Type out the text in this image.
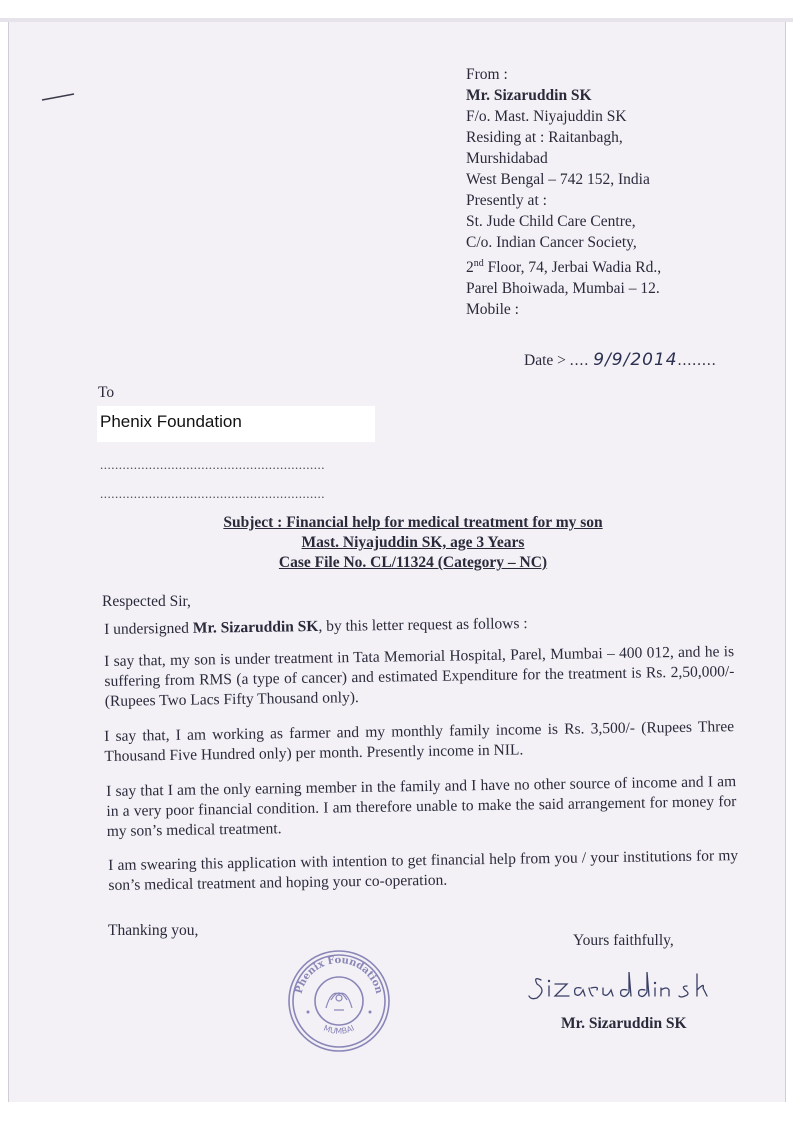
From :
Mr. Sizaruddin SK
F/o. Mast. Niyajuddin SK
Residing at : Raitanbagh,
Murshidabad
West Bengal – 742 152, India
Presently at :
St. Jude Child Care Centre,
C/o. Indian Cancer Society,
2nd Floor, 74, Jerbai Wadia Rd.,
Parel Bhoiwada, Mumbai – 12.
Mobile :
Date > .... 9/9/2014........
To
Phenix Foundation
............................................................
............................................................
Subject : Financial help for medical treatment for my son
Mast. Niyajuddin SK, age 3 Years
Case File No. CL/11324 (Category – NC)
Respected Sir,
I undersigned Mr. Sizaruddin SK, by this letter request as follows :
I say that, my son is under treatment in Tata Memorial Hospital, Parel, Mumbai – 400 012, and he is suffering from RMS (a type of cancer) and estimated Expenditure for the treatment is Rs. 2,50,000/- (Rupees Two Lacs Fifty Thousand only).
I say that, I am working as farmer and my monthly family income is Rs. 3,500/- (Rupees Three Thousand Five Hundred only) per month. Presently income in NIL.
I say that I am the only earning member in the family and I have no other source of income and I am in a very poor financial condition. I am therefore unable to make the said arrangement for money for my son’s medical treatment.
I am swearing this application with intention to get financial help from you / your institutions for my son’s medical treatment and hoping your co-operation.
Thanking you,
Yours faithfully,
Phenix Foundation
MUMBAI	Mr. Sizaruddin SK
